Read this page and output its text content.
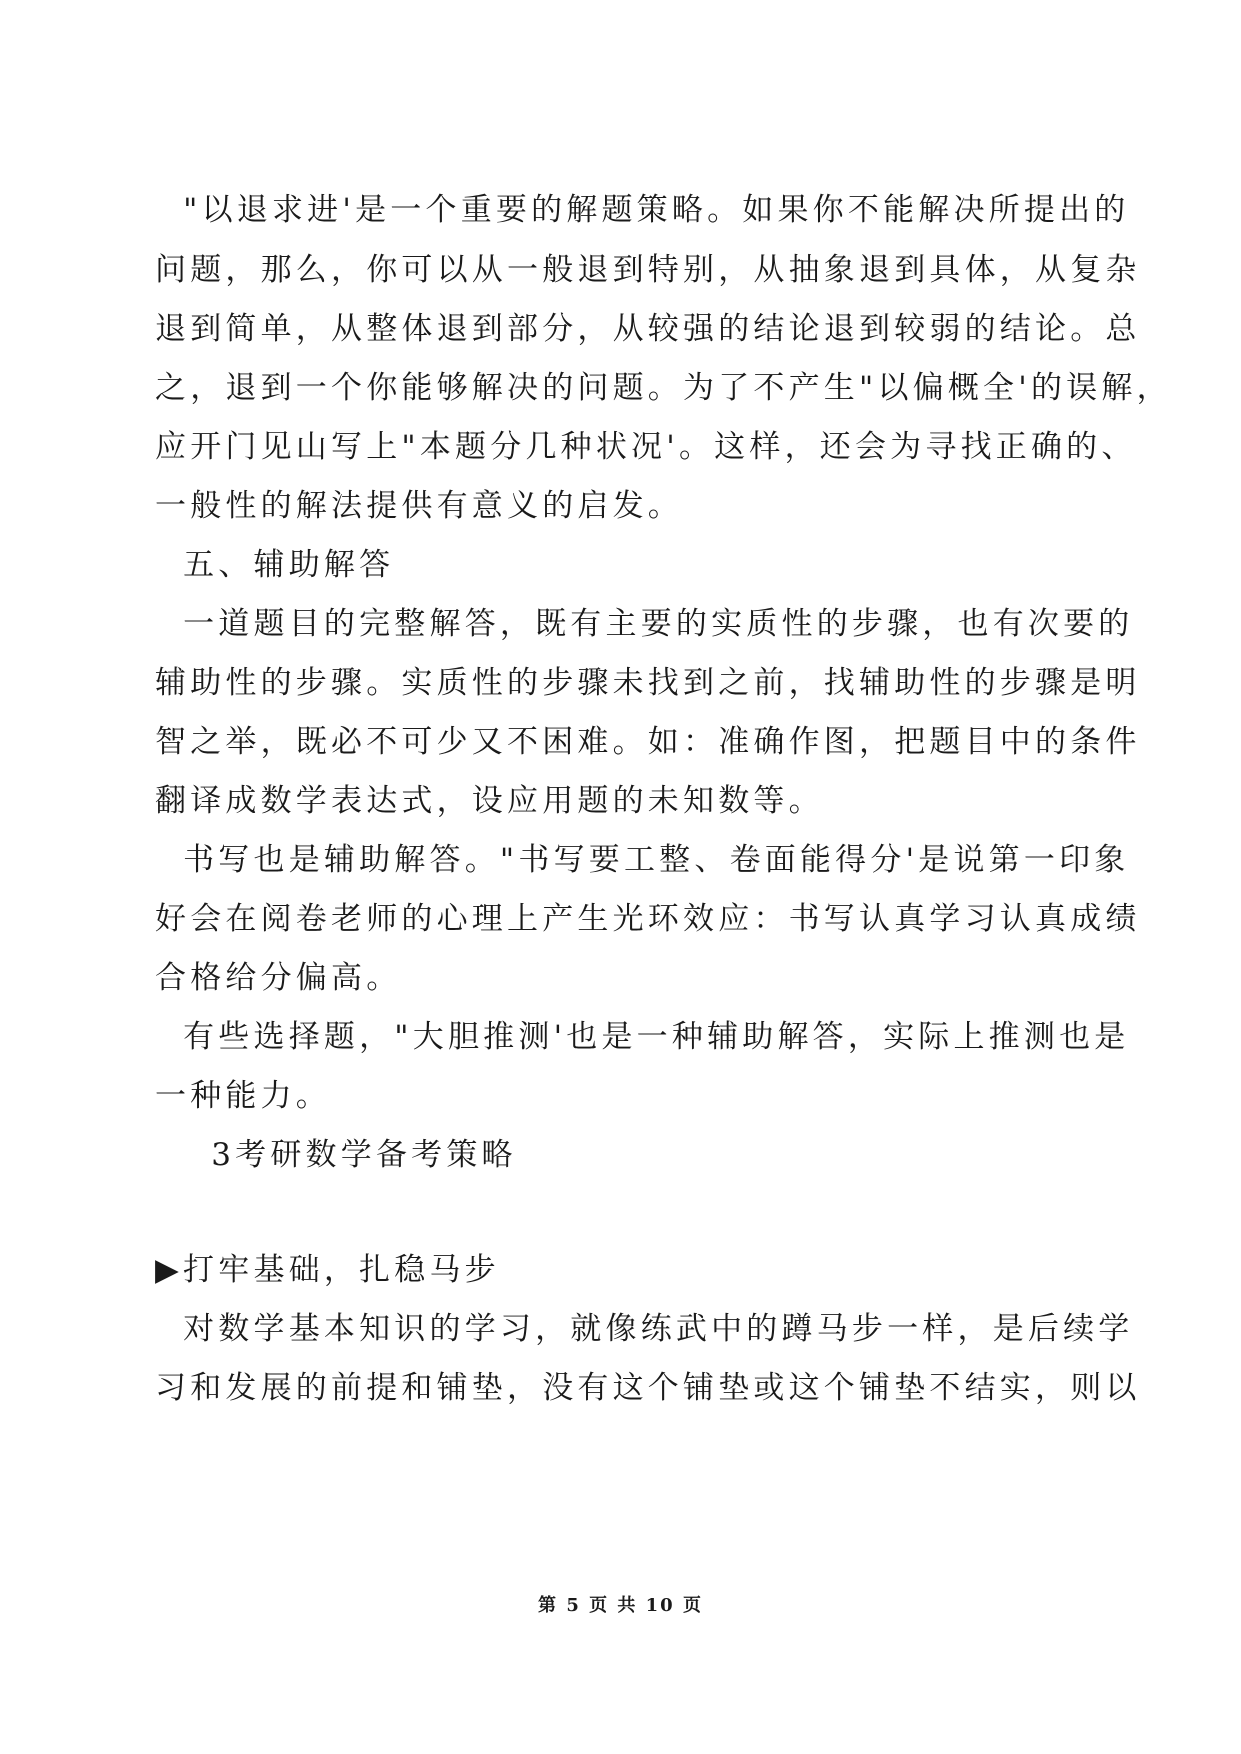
"以退求进'是一个重要的解题策略。如果你不能解决所提出的
问题，那么，你可以从一般退到特别，从抽象退到具体，从复杂
退到简单，从整体退到部分，从较强的结论退到较弱的结论。总
之，退到一个你能够解决的问题。为了不产生"以偏概全'的误解，
应开门见山写上"本题分几种状况'。这样，还会为寻找正确的、
一般性的解法提供有意义的启发。
五、辅助解答
一道题目的完整解答，既有主要的实质性的步骤，也有次要的
辅助性的步骤。实质性的步骤未找到之前，找辅助性的步骤是明
智之举，既必不可少又不困难。如：准确作图，把题目中的条件
翻译成数学表达式，设应用题的未知数等。
书写也是辅助解答。"书写要工整、卷面能得分'是说第一印象
好会在阅卷老师的心理上产生光环效应：书写认真学习认真成绩
合格给分偏高。
有些选择题，"大胆推测'也是一种辅助解答，实际上推测也是
一种能力。
3考研数学备考策略
▶打牢基础，扎稳马步
对数学基本知识的学习，就像练武中的蹲马步一样，是后续学
习和发展的前提和铺垫，没有这个铺垫或这个铺垫不结实，则以
第 5 页 共 10 页
